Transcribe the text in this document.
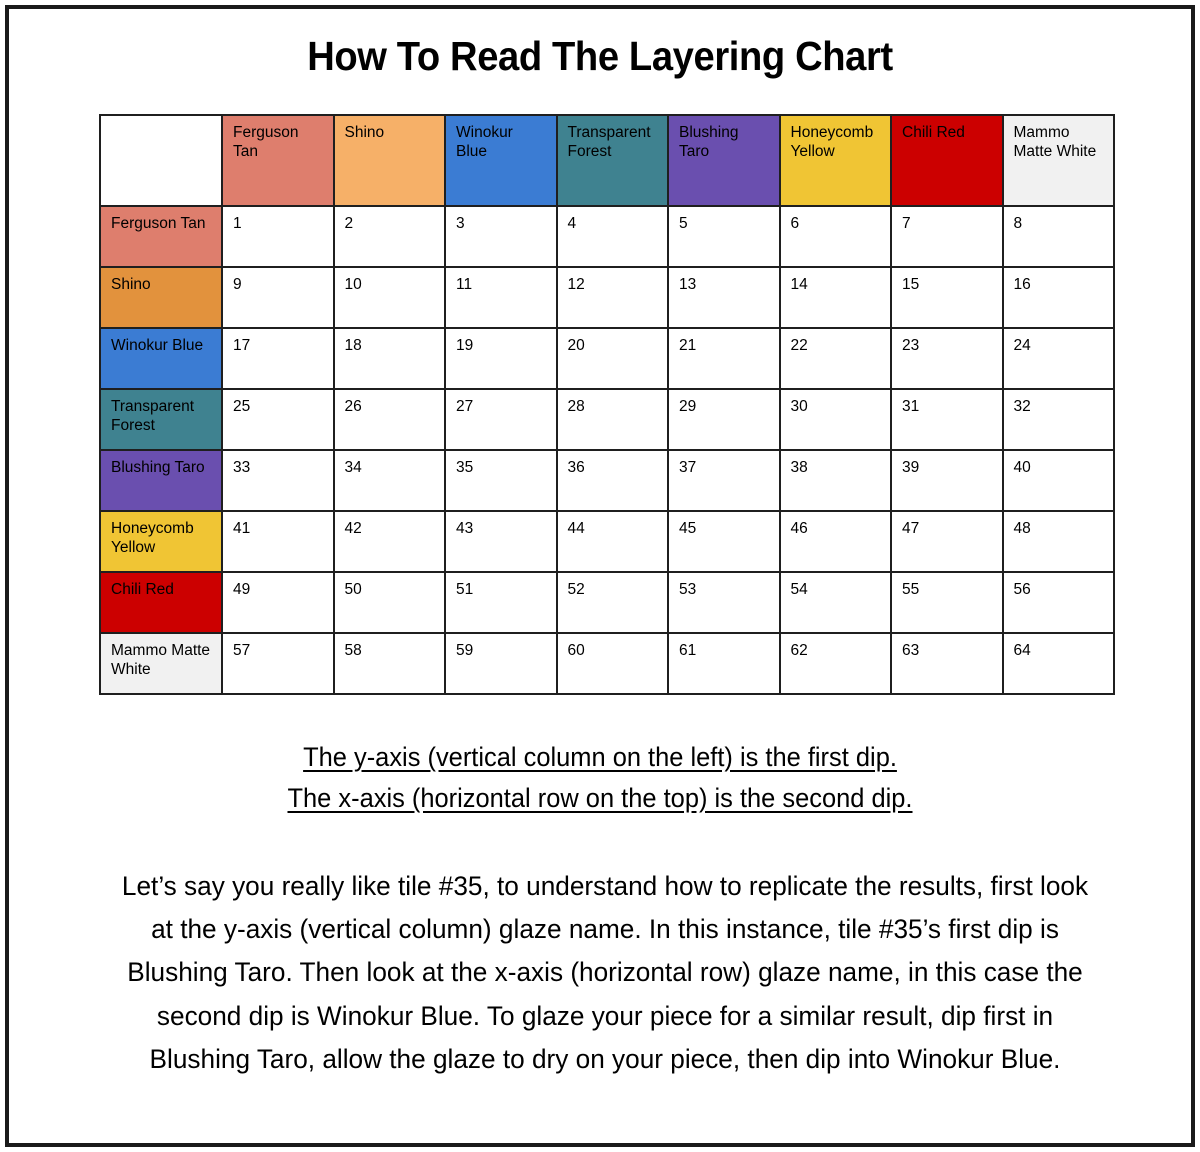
How To Read The Layering Chart
	Ferguson Tan	Shino	Winokur Blue	Transparent Forest	Blushing Taro	Honeycomb Yellow	Chili Red	Mammo Matte White
Ferguson Tan	1	2	3	4	5	6	7	8
Shino	9	10	11	12	13	14	15	16
Winokur Blue	17	18	19	20	21	22	23	24
Transparent Forest	25	26	27	28	29	30	31	32
Blushing Taro	33	34	35	36	37	38	39	40
Honeycomb Yellow	41	42	43	44	45	46	47	48
Chili Red	49	50	51	52	53	54	55	56
Mammo Matte White	57	58	59	60	61	62	63	64
The y-axis (vertical column on the left) is the first dip.
The x-axis (horizontal row on the top) is the second dip.
Let’s say you really like tile #35, to understand how to replicate the results, first look at the y-axis (vertical column) glaze name. In this instance, tile #35’s first dip is Blushing Taro. Then look at the x-axis (horizontal row) glaze name, in this case the second dip is Winokur Blue. To glaze your piece for a similar result, dip first in Blushing Taro, allow the glaze to dry on your piece, then dip into Winokur Blue.
